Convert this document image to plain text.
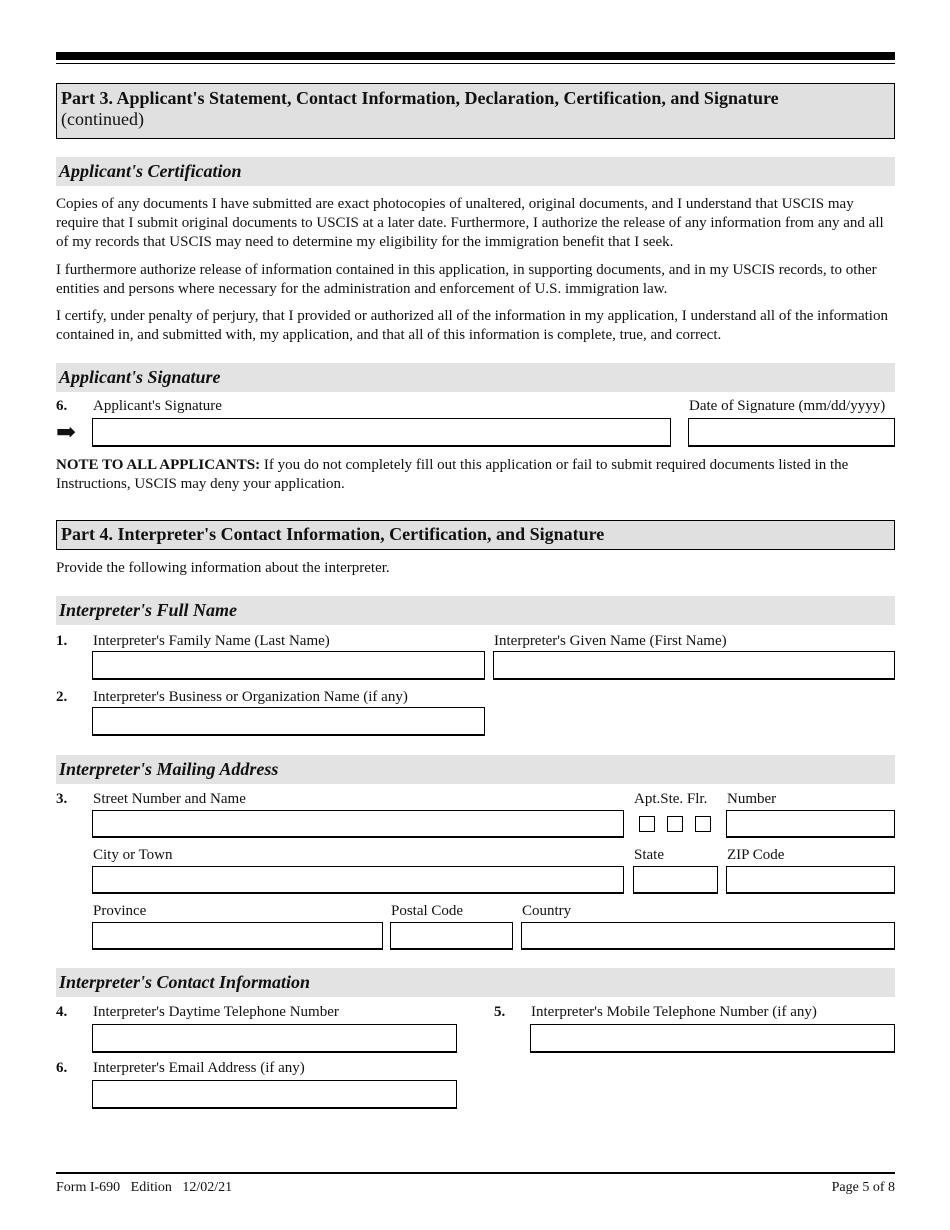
Part 3. Applicant's Statement, Contact Information, Declaration, Certification, and Signature
(continued)
Applicant's Certification
Copies of any documents I have submitted are exact photocopies of unaltered, original documents, and I understand that USCIS may require that I submit original documents to USCIS at a later date. Furthermore, I authorize the release of any information from any and all of my records that USCIS may need to determine my eligibility for the immigration benefit that I seek.
I furthermore authorize release of information contained in this application, in supporting documents, and in my USCIS records, to other entities and persons where necessary for the administration and enforcement of U.S. immigration law.
I certify, under penalty of perjury, that I provided or authorized all of the information in my application, I understand all of the information contained in, and submitted with, my application, and that all of this information is complete, true, and correct.
Applicant's Signature
6. Applicant's Signature	Date of Signature (mm/dd/yyyy)
➡
NOTE TO ALL APPLICANTS: If you do not completely fill out this application or fail to submit required documents listed in the Instructions, USCIS may deny your application.
Part 4. Interpreter's Contact Information, Certification, and Signature
Provide the following information about the interpreter.
Interpreter's Full Name
1. Interpreter's Family Name (Last Name)	Interpreter's Given Name (First Name)
2. Interpreter's Business or Organization Name (if any)
Interpreter's Mailing Address
3. Street Number and Name	Apt.Ste. Flr. Number
City or Town	State	ZIP Code
Province	Postal Code	Country
Interpreter's Contact Information
4. Interpreter's Daytime Telephone Number	5. Interpreter's Mobile Telephone Number (if any)
6. Interpreter's Email Address (if any)
Form I-690   Edition   12/02/21	Page 5 of 8
